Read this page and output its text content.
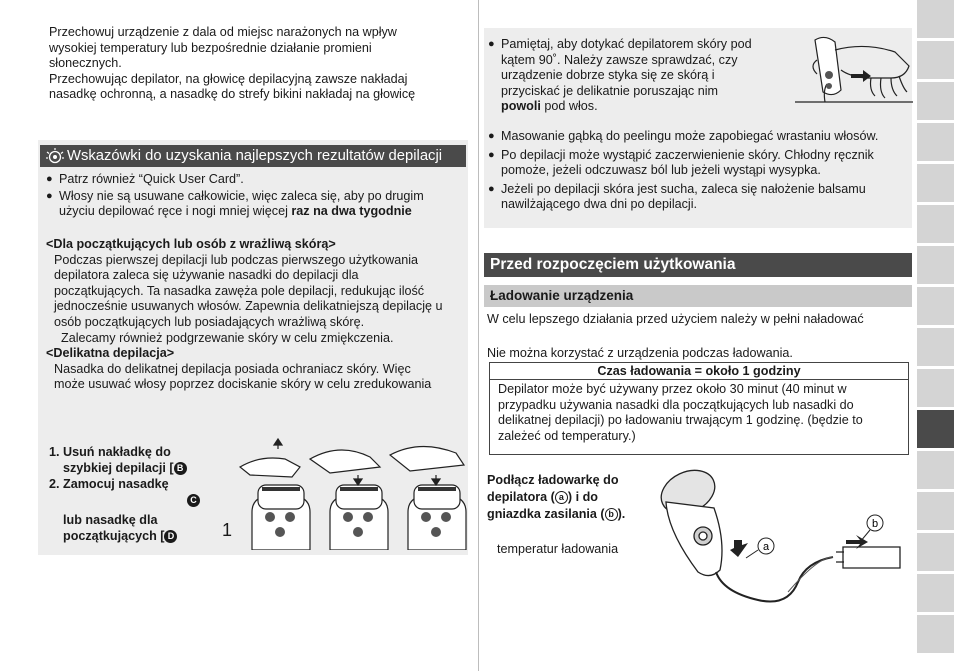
Przechowuj urządzenie z dala od miejsc narażonych na wpływ
wysokiej temperatury lub bezpośrednie działanie promieni
słonecznych.
Przechowując depilator, na głowicę depilacyjną zawsze nakładaj
nasadkę ochronną, a nasadkę do strefy bikini nakładaj na głowicę
Wskazówki do uzyskania najlepszych rezultatów depilacji
● Patrz również “Quick User Card”.
● Włosy nie są usuwane całkowicie, więc zaleca się, aby po drugim
użyciu depilować ręce i nogi mniej więcej raz na dwa tygodnie
<Dla początkujących lub osób z wrażliwą skórą>
Podczas pierwszej depilacji lub podczas pierwszego użytkowania
depilatora zaleca się używanie nasadki do depilacji dla
początkujących. Ta nasadka zawęża pole depilacji, redukując ilość
jednocześnie usuwanych włosów. Zapewnia delikatniejszą depilację u
osób początkujących lub posiadających wrażliwą skórę.
Zalecamy również podgrzewanie skóry w celu zmiękczenia.
<Delikatna depilacja>
Nasadka do delikatnej depilacja posiada ochraniacz skóry. Więc
może usuwać włosy poprzez dociskanie skóry w celu zredukowania
1. Usuń nakładkę do
szybkiej depilacji [ B
2. Zamocuj nasadkę
C
lub nasadkę dla
początkujących [ D	1
● Pamiętaj, aby dotykać depilatorem skóry pod
kątem 90˚. Należy zawsze sprawdzać, czy
urządzenie dobrze styka się ze skórą i
przyciskać je delikatnie poruszając nim
powoli pod włos.
● Masowanie gąbką do peelingu może zapobiegać wrastaniu włosów.
● Po depilacji może wystąpić zaczerwienienie skóry. Chłodny ręcznik
pomoże, jeżeli odczuwasz ból lub jeżeli wystąpi wysypka.
● Jeżeli po depilacji skóra jest sucha, zaleca się nałożenie balsamu
nawilżającego dwa dni po depilacji.
Przed rozpoczęciem użytkowania
Ładowanie urządzenia
W celu lepszego działania przed użyciem należy w pełni naładować
Nie można korzystać z urządzenia podczas ładowania.
Czas ładowania = około 1 godziny
Depilator może być używany przez około 30 minut (40 minut w
przypadku używania nasadki dla początkujących lub nasadki do
delikatnej depilacji) po ładowaniu trwającym 1 godzinę. (będzie to
zależeć od temperatury.)
Podłącz ładowarkę do
depilatora ( a ) i do
gniazdka zasilania ( b ).
temperatur ładowania	a
b
